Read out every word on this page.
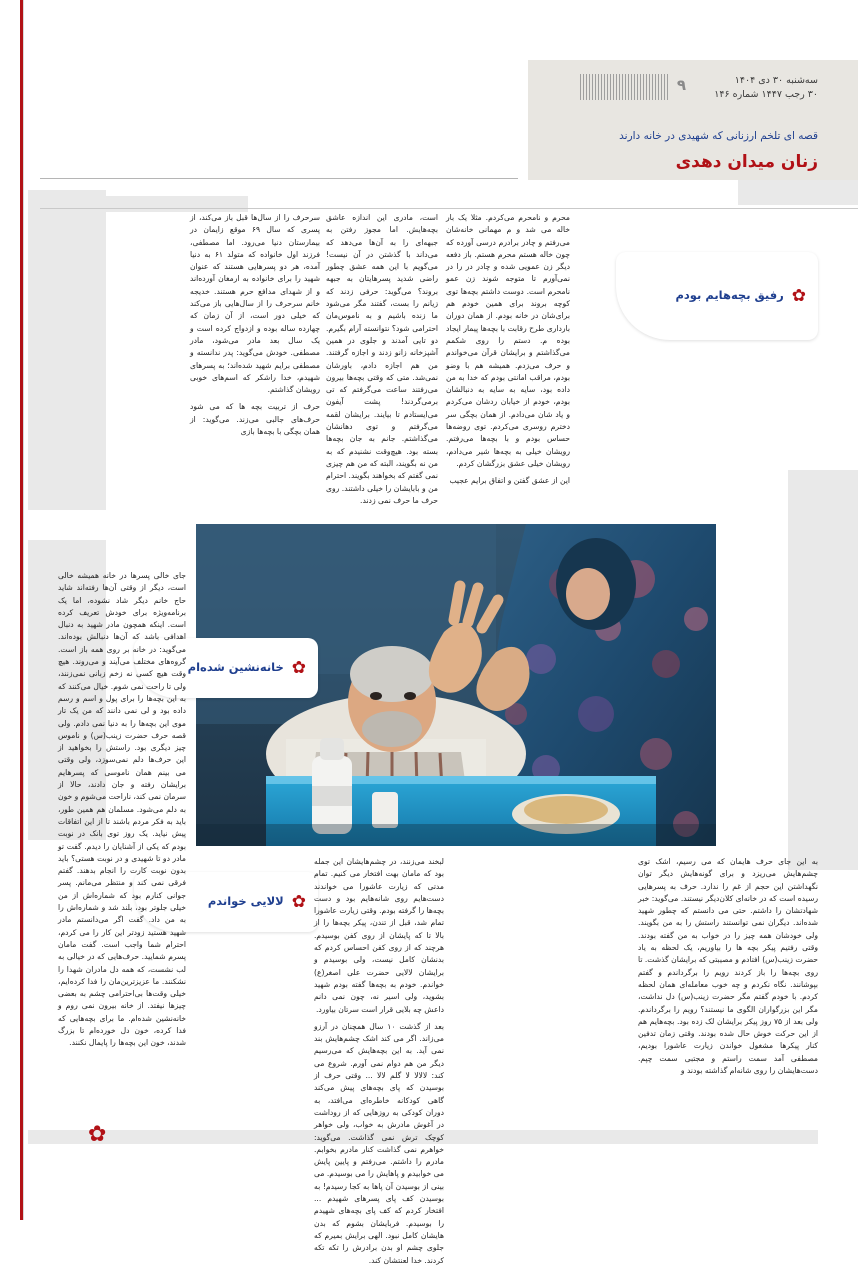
۹	سه‌شنبه ۳۰ دی ۱۴۰۴
۳۰ رجب ۱۴۴۷ شماره ۱۴۶
قصه ای تلخم ارزنانی که شهیدی در خانه دارند
زنان میدان دهدی

سرحرف را از سال‌ها قبل باز می‌کند، از پسری که سال ۶۹ موقع زایمان در بیمارستان دنیا می‌رود. اما مصطفی، فرزند اول خانواده که متولد ۶۱ به دنیا آمده، هر دو پسرهایی هستند که عنوان شهید را برای خانواده به ارمغان آورده‌اند و از شهدای مدافع حرم هستند. خدیجه خانم سرحرف را از سال‌هایی باز می‌کند که خیلی دور است، از آن زمان که چهارده ساله بوده و ازدواج کرده است و یک سال بعد مادر می‌شود، مادر مصطفی. خودش می‌گوید: پدر ندانسته و مصطفی برایم شهید شده‌اند؛ به پسرهای شهیدم، خدا راشکر که اسم‌های خوبی رویشان گذاشتم.

حرف از تربیت بچه ها که می شود حرف‌های جالبی می‌زند. می‌گوید: از همان بچگی با بچه‌ها بازی

محرم و نامحرم می‌کردم. مثلا یک بار خاله می شد و م مهمانی خانه‌شان می‌رفتم و چادر برادرم درسی آورده که چون خاله هستم محرم هستم. باز دفعه دیگر زن عمویی شده و چادر در را در نمی‌آورم تا متوجه شوند زن عمو نامحرم است. دوست داشتم بچه‌ها توی کوچه بروند برای همین خودم هم برای‌شان در خانه بودم. از همان دوران بارداری طرح رقابت با بچه‌ها پیمار ایجاد بوده م. دستم را روی شکمم می‌گذاشتم و برایشان قرآن می‌خواندم و حرف می‌زدم. همیشه هم با وضو بودم، مراقب امانتی بودم که خدا به من داده بود، سایه به سایه به دنبالشان بودم، خودم از خیابان ردشان می‌کردم و یاد شان می‌دادم. از همان بچگی سر دخترم روسری می‌کردم. توی روضه‌ها حساس بودم و با بچه‌ها می‌رفتم. رویشان خیلی به بچه‌ها شیر می‌دادم، رویشان خیلی عشق بزرگشان کردم.

این از عشق گفتن و اتفاق برایم عجیب

است، مادری این اندازه عاشق بچه‌هایش. اما مجوز رفتن به جبهه‌ای را به آن‌ها می‌دهد که می‌داند با گذشتن در آن نیست! می‌گویم با این همه عشق چطور راضی شدید پسرهایتان به جبهه بروند؟ می‌گوید: حرفی زدند که زیانم را بست، گفتند مگر می‌شود ما زنده باشیم و به ناموس‌مان احترامی شود؟ نتوانسته آرام بگیرم. دو تایی آمدند و جلوی در همین آشپزخانه زانو زدند و اجازه گرفتند. من هم اجازه دادم، باورشان نمی‌شد. متی که وقتی بچه‌ها بیرون می‌رفتند ساعت می‌گرفتم که تی برمی‌گردند! پشت آیفون می‌ایستادم تا بیایند. برایشان لقمه می‌گرفتم و توی دهانشان می‌گذاشتم. جانم به جان بچه‌ها بسته بود. هیچ‌وقت نشنیدم که به من نه بگویند، البته که من هم چیزی نمی گفتم که بخواهند بگویند. احترام من و بابایشان را خیلی داشتند. روی حرف ما حرف نمی زدند.

✿
رفیق بچه‌هایم بودم
✿
خانه‌نشین شده‌ام
✿
لالایی خواندم

جای خالی پسرها در خانه همیشه خالی است، دیگر از وقتی آن‌ها رفته‌اند شاید حاج خانم دیگر شاد نشوده، اما یک برنامه‌ویژه برای خودش تعریف کرده است. اینکه همچون مادر شهید به دنبال اهدافی باشد که آن‌ها دنبالش بوده‌اند. می‌گوید: در خانه بر روی همه باز است. گروه‌های مختلف می‌آیند و می‌روند. هیچ وقت هیچ کسی نه زخم زبانی نمی‌زنند، ولی تا راحت نمی شوم. خیال می‌کنند که به این بچه‌ها را برای پول و اسم و رسم داده بود و لی نمی دانند که من یک تار موی این بچه‌ها را به دنیا نمی دادم. ولی قصه حرف حضرت زینب(س) و ناموس چیز دیگری بود. راستش را بخواهید از این حرف‌ها دلم نمی‌سوزد، ولی وقتی می بینم همان ناموسی که پسرهایم برایشان رفته و جان دادند، حالا از سرمان نمی کند، ناراحت می‌شوم و خون به دلم می‌شود. مسلمان هم همین طور، باید به فکر مردم باشند تا از این اتفاقات پیش نیاید. یک روز توی بانک در نوبت بودم که یکی از آشنایان را دیدم. گفت تو مادر دو تا شهیدی و در نوبت هستی؟ باید بدون نوبت کارت را انجام بدهند. گفتم فرقی نمی کند و منتظر می‌مانم. پسر جوانی کنارم بود که شماره‌اش از من خیلی جلوتر بود، بلند شد و شماره‌اش را به من داد. گفت اگر می‌دانستم مادر شهید هستید زودتر این کار را می کردم، احترام شما واجب است. گفت مامان پسرم شمایید. حرف‌هایی که در خیالی به لب نشست، که همه دل مادران شهدا را نشکنند. ما عزیزترین‌مان را فدا کرده‌ایم، خیلی وقت‌ها بی‌احترامی چشم به بعضی چیزها نیفتد. از خانه بیرون نمی روم و خانه‌نشین شده‌ام. ما برای بچه‌هایی که فدا کرده، خون دل خورده‌ام تا بزرگ شدند، خون این بچه‌ها را پایمال نکنند.

لبخند می‌زنند، در چشم‌هایشان این جمله بود که مامان بهت افتخار می کنیم. تمام مدتی که زیارت عاشورا می خواندند دست‌هایم روی شانه‌هایم بود و دست بچه‌ها را گرفته بودم. وقتی زیارت عاشورا تمام شد، قبل از تندن، پیکر بچه‌ها را از بالا تا که پایشان از روی کفن بوسیدم. هرچند که از روی کفن احساس کردم که بدنشان کامل نیست، ولی بوسیدم و برایشان لالایی حضرت علی اصغر(ع) خواندم. خودم به بچه‌ها گفته بودم شهید بشوید، ولی اسیر نه، چون نمی دانم داعش چه بلایی قرار است سرتان بیاورد.

بعد از گذشت ۱۰ سال همچنان در آرزو می‌زاند. اگر می کند اشک چشم‌هایش بند نمی آید. به این بچه‌هایش که می‌رسیم دیگر من هم دوام نمی آورم. شروع می کند: لالالا لا گلم لالا ... وقتی حرف از بوسیدن که پای بچه‌های پیش می‌کند گاهی کودکانه خاطره‌ای می‌افتد، به دوران کودکی به روزهایی که از روداشت در آغوش مادرش به خواب، ولی خواهر کوچک ترش نمی گذاشت. می‌گوید: خواهرم نمی گذاشت کنار مادرم بخوابم. مادرم را داشتم. می‌رفتم و پایین پایش می خوابیدم و پاهایش را می بوسیدم. می بینی از بوسیدن آن پاها به کجا رسیدم! به بوسیدن کف پای پسرهای شهیدم ... افتخار کردم که کف پای بچه‌های شهیدم را بوسیدم. فربایشان بشوم که بدن هایشان کامل نبود. الهی برایش بمیرم که جلوی چشم او بدن برادرش را تکه تکه کردند. خدا لعنتشان کند.

به این جای حرف هایمان که می رسیم، اشک توی چشم‌هایش می‌ریزد و برای گونه‌هایش دیگر توان نگهداشتن این حجم از غم را ندارد. حرف به پسرهایی رسیده است که در خانه‌ای کلان‌دیگر نیستند. می‌گوید: خبر شهادتشان را داشتم. حتی می دانستم که چطور شهید شده‌اند. دیگران نمی توانستند راستش را به من بگویند. ولی خودشان همه چیز را در خواب به من گفته بودند. وقتی رفتیم پیکر بچه ها را بیاوریم، یک لحظه به یاد حضرت زینب(س) افتادم و مصیبتی که برایشان گذشت. تا روی بچه‌ها را باز کردند رویم را برگرداندم و گفتم بپوشانند. نگاه نکردم و چه خوب معامله‌ای همان لحظه کردم. با خودم گفتم مگر حضرت زینب(س) دل نداشت، مگر این بزرگواران الگوی ما نیستند؟ رویم را برگرداندم. ولی بعد از ۷۵ روز پیکر برایشان لک زده بود. بچه‌هایم هم از این حرکت خوش حال شده بودند. وقتی زمان تدفین کنار پیکرها مشغول خواندن زیارت عاشورا بودیم، مصطفی آمد سمت راستم و مجتبی سمت چپم. دست‌هایشان را روی شانه‌ام گذاشته بودند و

✿
